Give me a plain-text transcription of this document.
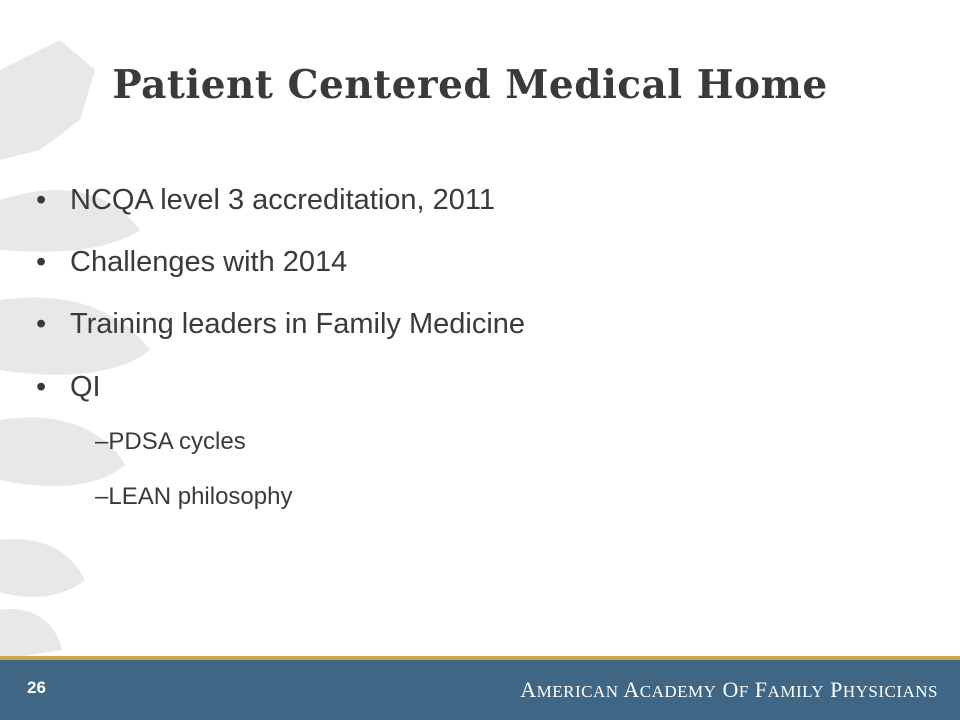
Patient Centered Medical Home
• NCQA level 3 accreditation, 2011
• Challenges with 2014
• Training leaders in Family Medicine
• QI
–PDSA cycles
–LEAN philosophy
26	AMERICAN ACADEMY OF FAMILY PHYSICIANS
